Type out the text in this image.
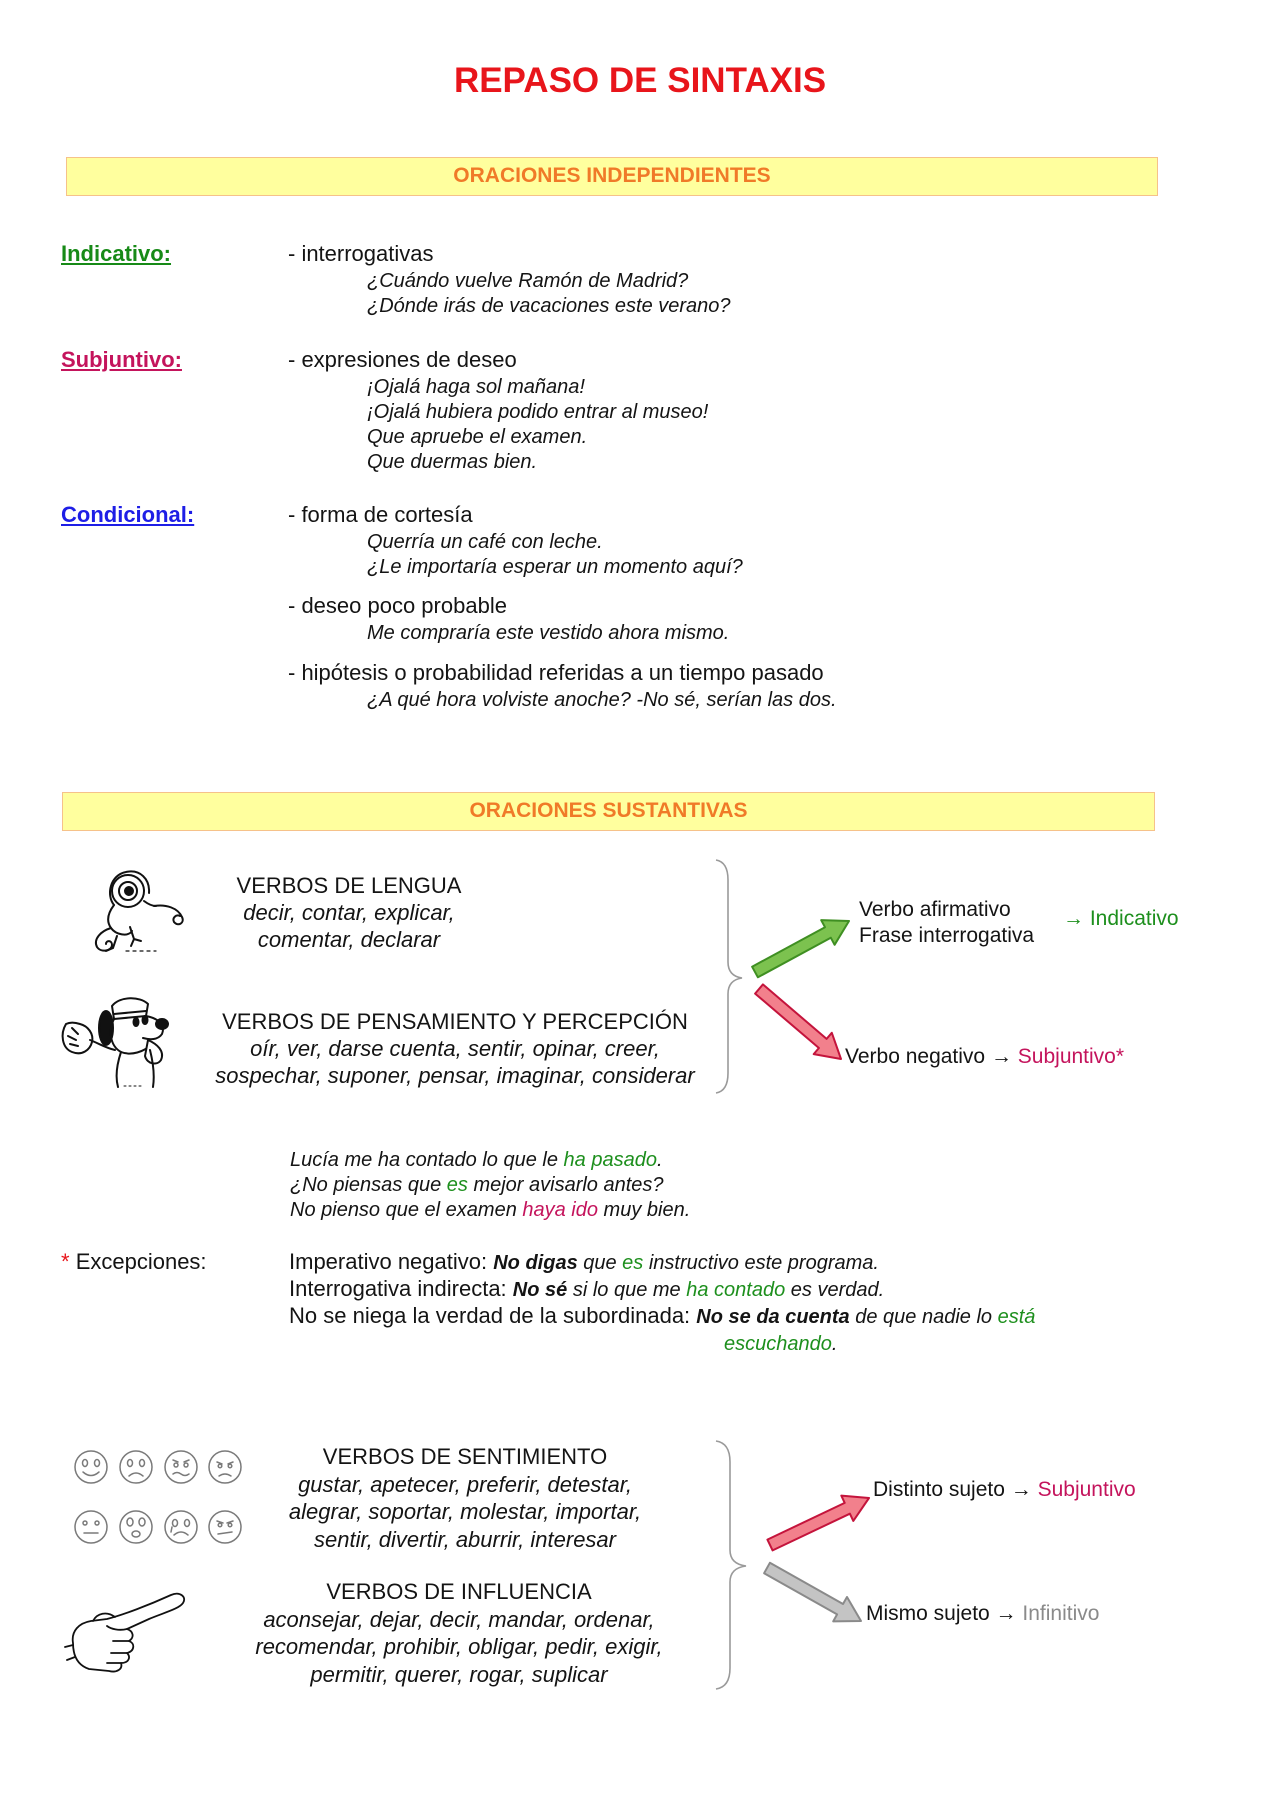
REPASO DE SINTAXIS
ORACIONES INDEPENDIENTES
Indicativo:	- interrogativas
¿Cuándo vuelve Ramón de Madrid?
¿Dónde irás de vacaciones este verano?
Subjuntivo:	- expresiones de deseo
¡Ojalá haga sol mañana!
¡Ojalá hubiera podido entrar al museo!
Que apruebe el examen.
Que duermas bien.
Condicional:	- forma de cortesía
Querría un café con leche.
¿Le importaría esperar un momento aquí?
- deseo poco probable
Me compraría este vestido ahora mismo.
- hipótesis o probabilidad referidas a un tiempo pasado
¿A qué hora volviste anoche? -No sé, serían las dos.
ORACIONES SUSTANTIVAS
VERBOS DE LENGUA
decir, contar, explicar,
comentar, declarar
VERBOS DE PENSAMIENTO Y PERCEPCIÓN
oír, ver, darse cuenta, sentir, opinar, creer,
sospechar, suponer, pensar, imaginar, considerar
Verbo afirmativo
Frase interrogativa
→ Indicativo
Verbo negativo → Subjuntivo*
Lucía me ha contado lo que le ha pasado.
¿No piensas que es mejor avisarlo antes?
No pienso que el examen haya ido muy bien.
* Excepciones:	Imperativo negativo: No digas que es instructivo este programa.
Interrogativa indirecta: No sé si lo que me ha contado es verdad.
No se niega la verdad de la subordinada: No se da cuenta de que nadie lo está
escuchando.
VERBOS DE SENTIMIENTO
gustar, apetecer, preferir, detestar,
alegrar, soportar, molestar, importar,
sentir, divertir, aburrir, interesar
VERBOS DE INFLUENCIA
aconsejar, dejar, decir, mandar, ordenar,
recomendar, prohibir, obligar, pedir, exigir,
permitir, querer, rogar, suplicar
Distinto sujeto → Subjuntivo
Mismo sujeto → Infinitivo
